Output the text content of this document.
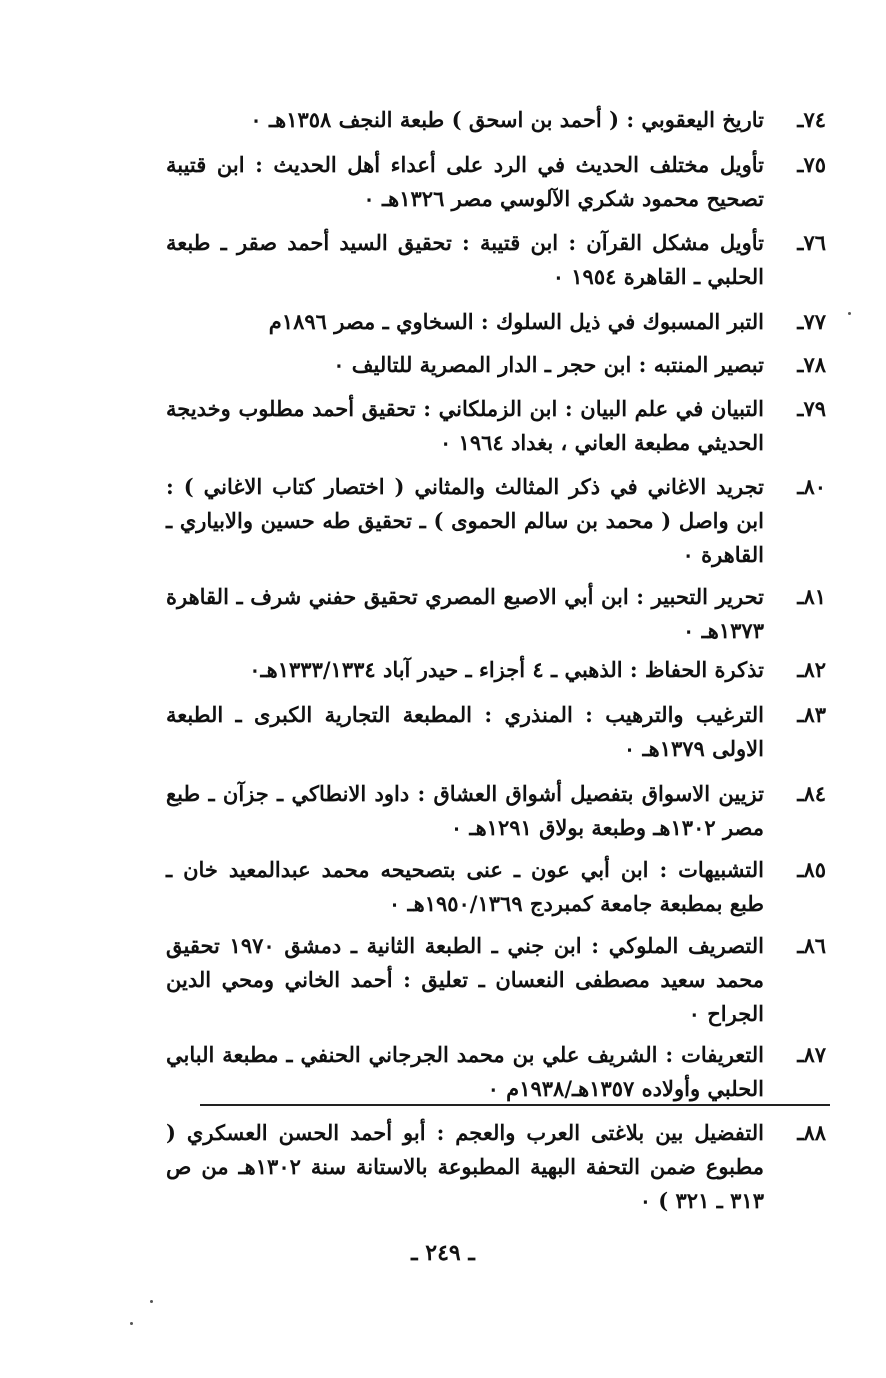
٧٤ـ
تاريخ اليعقوبي : ( أحمد بن اسحق ) طبعة النجف ١٣٥٨هـ ٠
٧٥ـ
تأويل مختلف الحديث في الرد على أعداء أهل الحديث : ابن قتيبة تصحيح محمود شكري الآلوسي مصر ١٣٢٦هـ ٠
٧٦ـ
تأويل مشكل القرآن : ابن قتيبة : تحقيق السيد أحمد صقر ـ طبعة الحلبي ـ القاهرة ١٩٥٤ ٠
٧٧ـ
التبر المسبوك في ذيل السلوك : السخاوي ـ مصر ١٨٩٦م
٧٨ـ
تبصير المنتبه : ابن حجر ـ الدار المصرية للتاليف ٠
٧٩ـ
التبيان في علم البيان : ابن الزملكاني : تحقيق أحمد مطلوب وخديجة الحديثي مطبعة العاني ، بغداد ١٩٦٤ ٠
٨٠ـ
تجريد الاغاني في ذكر المثالث والمثاني ( اختصار كتاب الاغاني ) : ابن واصل ( محمد بن سالم الحموى ) ـ تحقيق طه حسين والابياري ـ القاهرة ٠
٨١ـ
تحرير التحبير : ابن أبي الاصبع المصري تحقيق حفني شرف ـ القاهرة ١٣٧٣هـ ٠
٨٢ـ
تذكرة الحفاظ : الذهبي ـ ٤ أجزاء ـ حيدر آباد ١٣٣٣/١٣٣٤هـ٠
٨٣ـ
الترغيب والترهيب : المنذري : المطبعة التجارية الكبرى ـ الطبعة الاولى ١٣٧٩هـ ٠
٨٤ـ
تزيين الاسواق بتفصيل أشواق العشاق : داود الانطاكي ـ جزآن ـ طبع مصر ١٣٠٢هـ وطبعة بولاق ١٢٩١هـ ٠
٨٥ـ
التشبيهات : ابن أبي عون ـ عنى بتصحيحه محمد عبدالمعيد خان ـ طبع بمطبعة جامعة كمبردج ١٩٥٠/١٣٦٩هـ ٠
٨٦ـ
التصريف الملوكي : ابن جني ـ الطبعة الثانية ـ دمشق ١٩٧٠ تحقيق محمد سعيد مصطفى النعسان ـ تعليق : أحمد الخاني ومحي الدين الجراح ٠
٨٧ـ
التعريفات : الشريف علي بن محمد الجرجاني الحنفي ـ مطبعة البابي الحلبي وأولاده ١٣٥٧هـ/١٩٣٨م ٠
٨٨ـ
التفضيل بين بلاغتى العرب والعجم : أبو أحمد الحسن العسكري ( مطبوع ضمن التحفة البهية المطبوعة بالاستانة سنة ١٣٠٢هـ من ص ٣١٣ ـ ٣٢١ ) ٠
ـ ٢٤٩ ـ
